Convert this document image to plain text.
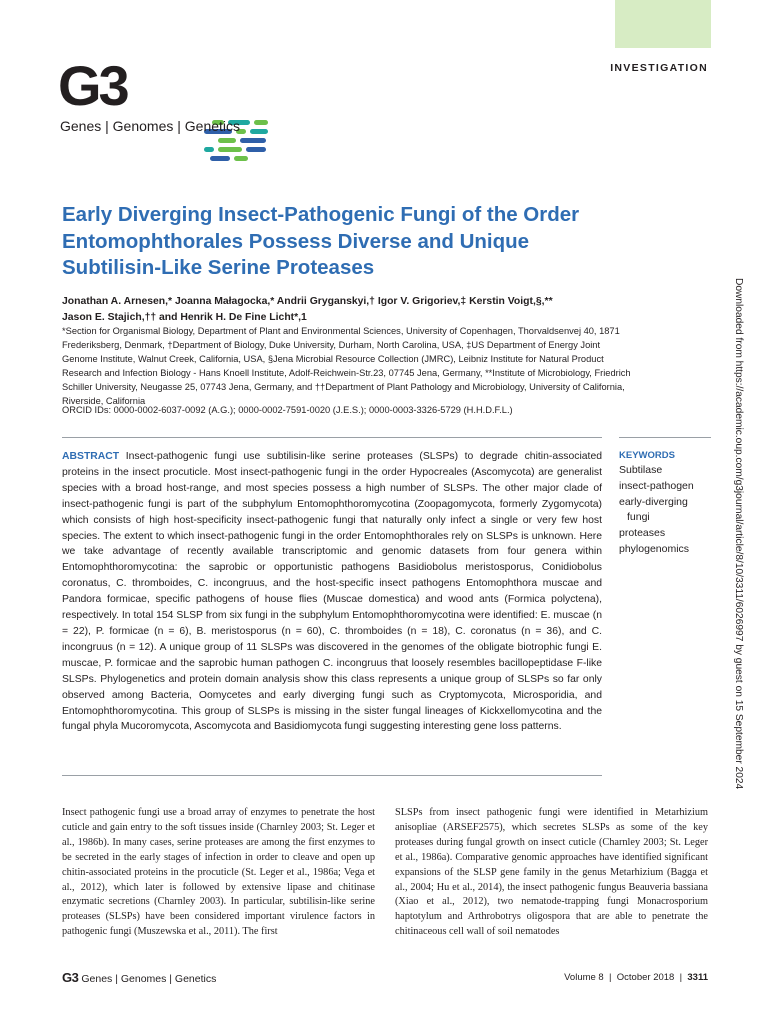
G3
Genes | Genomes | Genetics
INVESTIGATION
Early Diverging Insect-Pathogenic Fungi of the Order Entomophthorales Possess Diverse and Unique Subtilisin-Like Serine Proteases
Jonathan A. Arnesen,* Joanna Małagocka,* Andrii Gryganskyi,† Igor V. Grigoriev,‡ Kerstin Voigt,§,**
Jason E. Stajich,†† and Henrik H. De Fine Licht*,1
*Section for Organismal Biology, Department of Plant and Environmental Sciences, University of Copenhagen, Thorvaldsenvej 40, 1871 Frederiksberg, Denmark, †Department of Biology, Duke University, Durham, North Carolina, USA, ‡US Department of Energy Joint Genome Institute, Walnut Creek, California, USA, §Jena Microbial Resource Collection (JMRC), Leibniz Institute for Natural Product Research and Infection Biology - Hans Knoell Institute, Adolf-Reichwein-Str.23, 07745 Jena, Germany, **Institute of Microbiology, Friedrich Schiller University, Neugasse 25, 07743 Jena, Germany, and ††Department of Plant Pathology and Microbiology, University of California, Riverside, California
ORCID IDs: 0000-0002-6037-0092 (A.G.); 0000-0002-7591-0020 (J.E.S.); 0000-0003-3326-5729 (H.H.D.F.L.)

ABSTRACT Insect-pathogenic fungi use subtilisin-like serine proteases (SLSPs) to degrade chitin-associated proteins in the insect procuticle. Most insect-pathogenic fungi in the order Hypocreales (Ascomycota) are generalist species with a broad host-range, and most species possess a high number of SLSPs. The other major clade of insect-pathogenic fungi is part of the subphylum Entomophthoromycotina (Zoopagomycota, formerly Zygomycota) which consists of high host-specificity insect-pathogenic fungi that naturally only infect a single or very few host species. The extent to which insect-pathogenic fungi in the order Entomophthorales rely on SLSPs is unknown. Here we take advantage of recently available transcriptomic and genomic datasets from four genera within Entomophthoromycotina: the saprobic or opportunistic pathogens Basidiobolus meristosporus, Conidiobolus coronatus, C. thromboides, C. incongruus, and the host-specific insect pathogens Entomophthora muscae and Pandora formicae, specific pathogens of house flies (Muscae domestica) and wood ants (Formica polyctena), respectively. In total 154 SLSP from six fungi in the subphylum Entomophthoromycotina were identified: E. muscae (n = 22), P. formicae (n = 6), B. meristosporus (n = 60), C. thromboides (n = 18), C. coronatus (n = 36), and C. incongruus (n = 12). A unique group of 11 SLSPs was discovered in the genomes of the obligate biotrophic fungi E. muscae, P. formicae and the saprobic human pathogen C. incongruus that loosely resembles bacillopeptidase F-like SLSPs. Phylogenetics and protein domain analysis show this class represents a unique group of SLSPs so far only observed among Bacteria, Oomycetes and early diverging fungi such as Cryptomycota, Microsporidia, and Entomophthoromycotina. This group of SLSPs is missing in the sister fungal lineages of Kickxellomycotina and the fungal phyla Mucoromycota, Ascomycota and Basidiomycota fungi suggesting interesting gene loss patterns.

KEYWORDS
Subtilase
insect-pathogen
early-diverging
fungi
proteases
phylogenomics

Insect pathogenic fungi use a broad array of enzymes to penetrate the host cuticle and gain entry to the soft tissues inside (Charnley 2003; St. Leger et al., 1986b). In many cases, serine proteases are among the first enzymes to be secreted in the early stages of infection in order to cleave and open up chitin-associated proteins in the procuticle (St. Leger et al., 1986a; Vega et al., 2012), which later is followed by extensive lipase and chitinase enzymatic secretions (Charnley 2003). In particular, subtilisin-like serine proteases (SLSPs) have been considered important virulence factors in pathogenic fungi (Muszewska et al., 2011). The first

SLSPs from insect pathogenic fungi were identified in Metarhizium anisopliae (ARSEF2575), which secretes SLSPs as some of the key proteases during fungal growth on insect cuticle (Charnley 2003; St. Leger et al., 1986a). Comparative genomic approaches have identified significant expansions of the SLSP gene family in the genus Metarhizium (Bagga et al., 2004; Hu et al., 2014), the insect pathogenic fungus Beauveria bassiana (Xiao et al., 2012), two nematode-trapping fungi Monacrosporium haptotylum and Arthrobotrys oligospora that are able to penetrate the chitinaceous cell wall of soil nematodes

G3 Genes | Genomes | Genetics	Volume 8 | October 2018 | 3311
Downloaded from https://academic.oup.com/g3journal/article/8/10/3311/6026997 by guest on 15 September 2024
